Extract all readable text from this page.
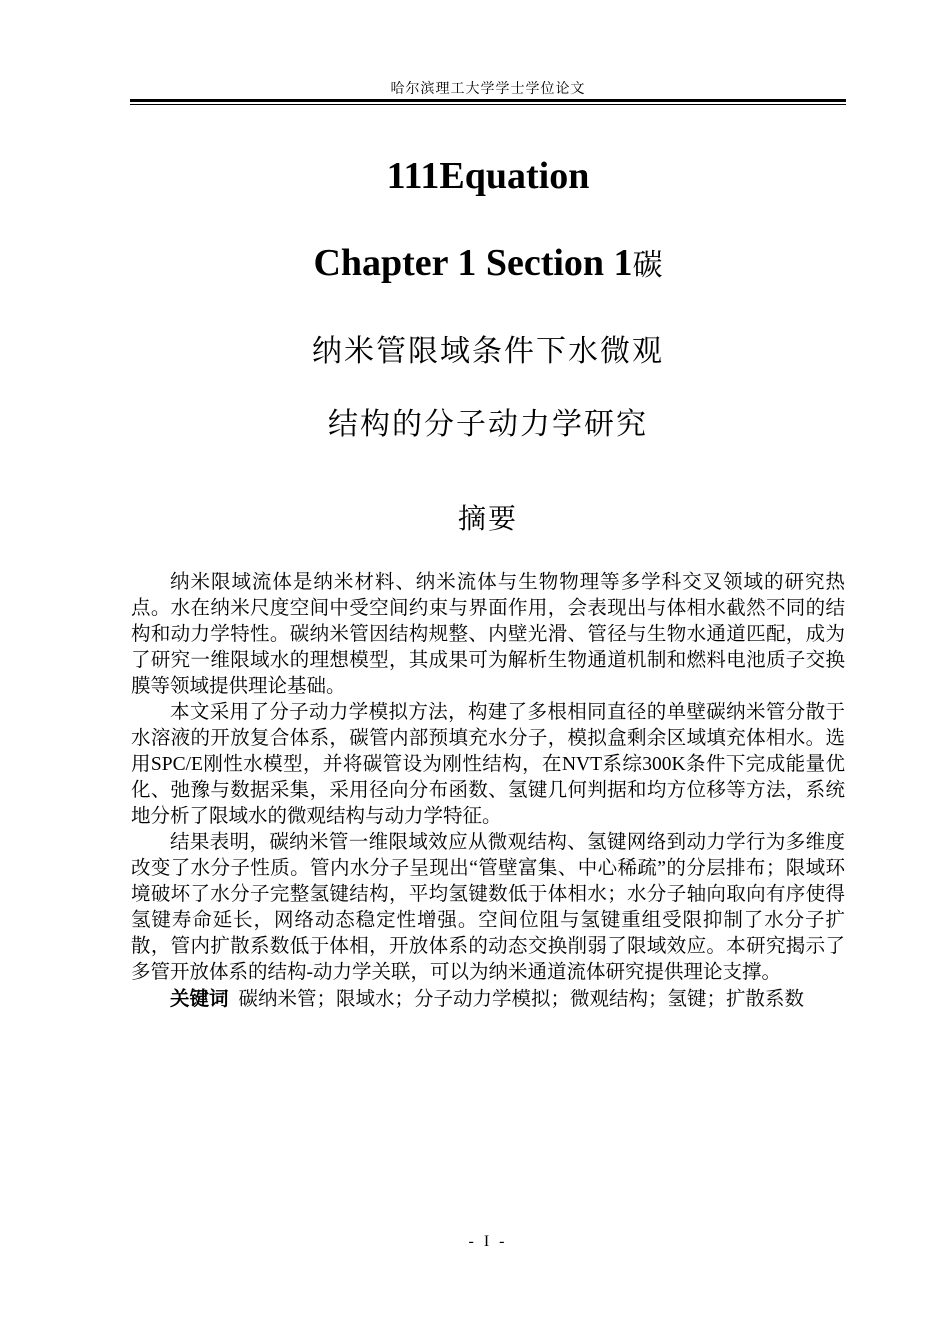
哈尔滨理工大学学士学位论文
111Equation
Chapter 1 Section 1碳
纳米管限域条件下水微观
结构的分子动力学研究
摘要

纳米限域流体是纳米材料、纳米流体与生物物理等多学科交叉领域的研究热点。水在纳米尺度空间中受空间约束与界面作用，会表现出与体相水截然不同的结构和动力学特性。碳纳米管因结构规整、内壁光滑、管径与生物水通道匹配，成为了研究一维限域水的理想模型，其成果可为解析生物通道机制和燃料电池质子交换膜等领域提供理论基础。

本文采用了分子动力学模拟方法，构建了多根相同直径的单壁碳纳米管分散于水溶液的开放复合体系，碳管内部预填充水分子，模拟盒剩余区域填充体相水。选用SPC/E刚性水模型，并将碳管设为刚性结构，在NVT系综300K条件下完成能量优化、弛豫与数据采集，采用径向分布函数、氢键几何判据和均方位移等方法，系统地分析了限域水的微观结构与动力学特征。

结果表明，碳纳米管一维限域效应从微观结构、氢键网络到动力学行为多维度改变了水分子性质。管内水分子呈现出“管壁富集、中心稀疏”的分层排布；限域环境破坏了水分子完整氢键结构，平均氢键数低于体相水；水分子轴向取向有序使得氢键寿命延长，网络动态稳定性增强。空间位阻与氢键重组受限抑制了水分子扩散，管内扩散系数低于体相，开放体系的动态交换削弱了限域效应。本研究揭示了多管开放体系的结构-动力学关联，可以为纳米通道流体研究提供理论支撑。

关键词 碳纳米管；限域水；分子动力学模拟；微观结构；氢键；扩散系数

- I -
